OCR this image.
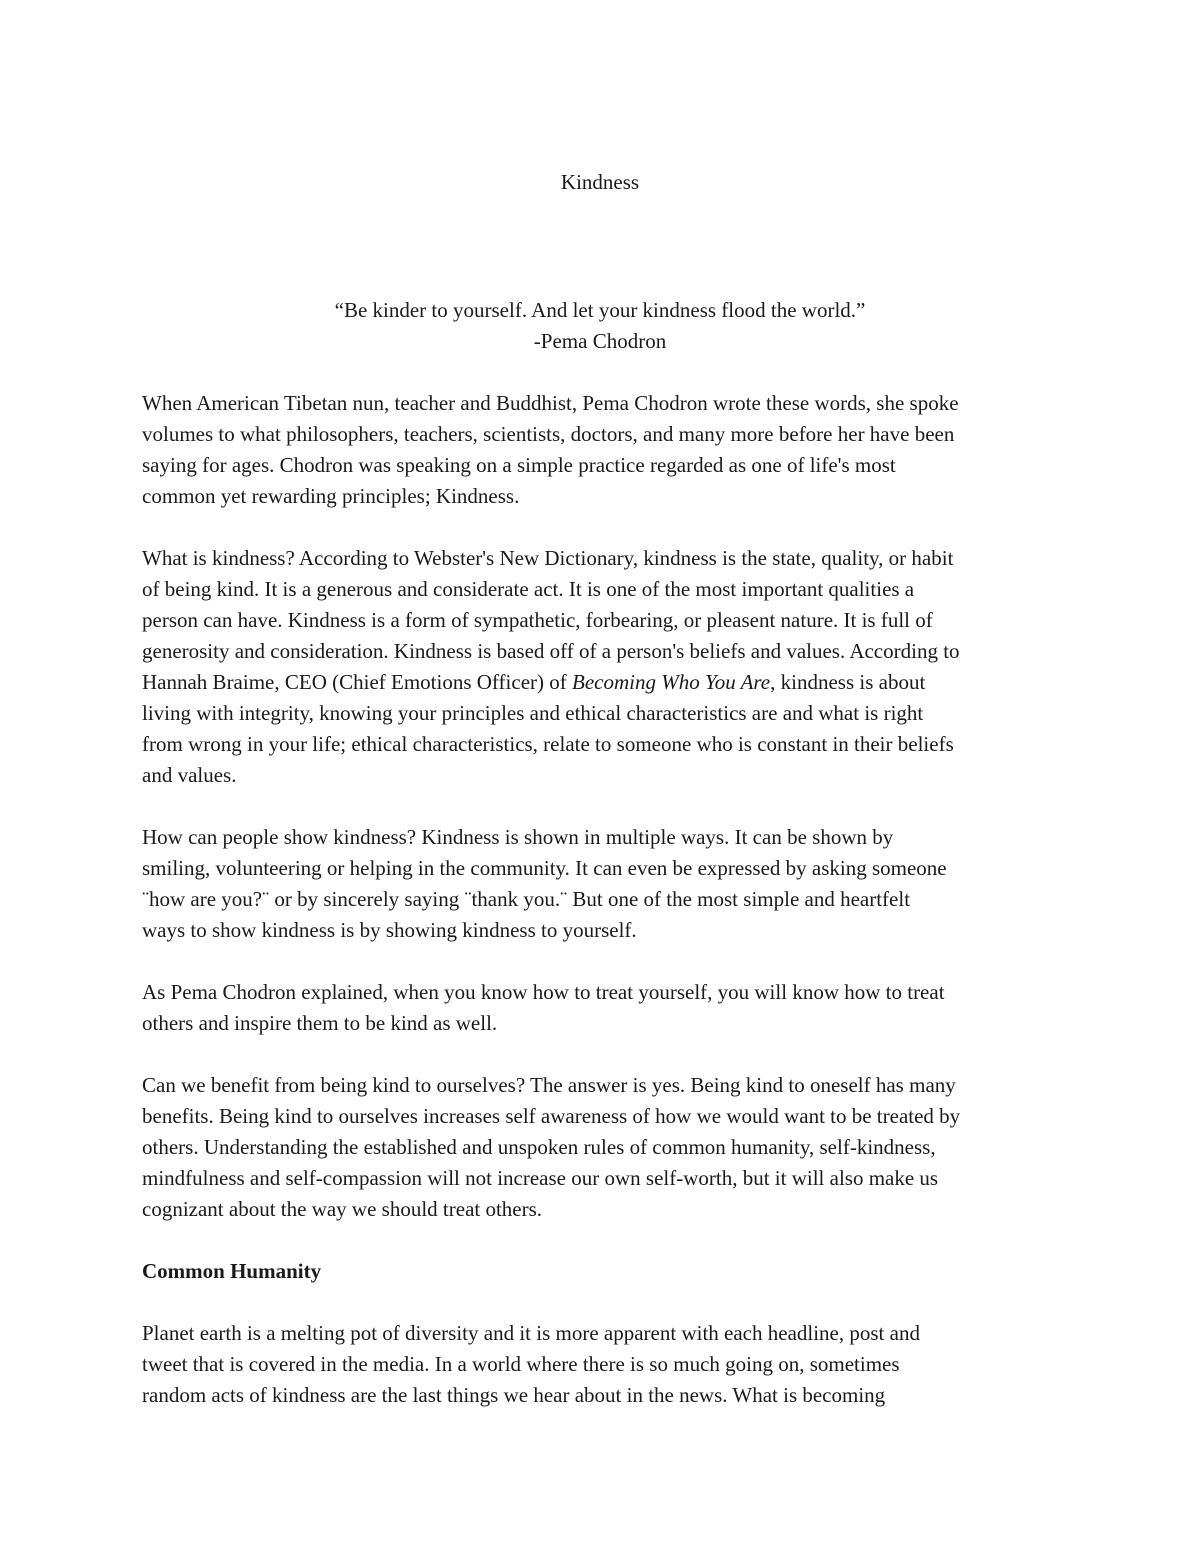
Kindness
“Be kinder to yourself. And let your kindness flood the world.”
-Pema Chodron
When American Tibetan nun, teacher and Buddhist, Pema Chodron wrote these words, she spoke
volumes to what philosophers, teachers, scientists, doctors, and many more before her have been
saying for ages. Chodron was speaking on a simple practice regarded as one of life's most
common yet rewarding principles; Kindness.
What is kindness? According to Webster's New Dictionary, kindness is the state, quality, or habit
of being kind. It is a generous and considerate act. It is one of the most important qualities a
person can have. Kindness is a form of sympathetic, forbearing, or pleasent nature. It is full of
generosity and consideration. Kindness is based off of a person's beliefs and values. According to
Hannah Braime, CEO (Chief Emotions Officer) of Becoming Who You Are, kindness is about
living with integrity, knowing your principles and ethical characteristics are and what is right
from wrong in your life; ethical characteristics, relate to someone who is constant in their beliefs
and values.
How can people show kindness? Kindness is shown in multiple ways. It can be shown by
smiling, volunteering or helping in the community. It can even be expressed by asking someone
¨how are you?¨ or by sincerely saying ¨thank you.¨ But one of the most simple and heartfelt
ways to show kindness is by showing kindness to yourself.
As Pema Chodron explained, when you know how to treat yourself, you will know how to treat
others and inspire them to be kind as well.
Can we benefit from being kind to ourselves? The answer is yes. Being kind to oneself has many
benefits. Being kind to ourselves increases self awareness of how we would want to be treated by
others. Understanding the established and unspoken rules of common humanity, self-kindness,
mindfulness and self-compassion will not increase our own self-worth, but it will also make us
cognizant about the way we should treat others.
Common Humanity
Planet earth is a melting pot of diversity and it is more apparent with each headline, post and
tweet that is covered in the media. In a world where there is so much going on, sometimes
random acts of kindness are the last things we hear about in the news. What is becoming
